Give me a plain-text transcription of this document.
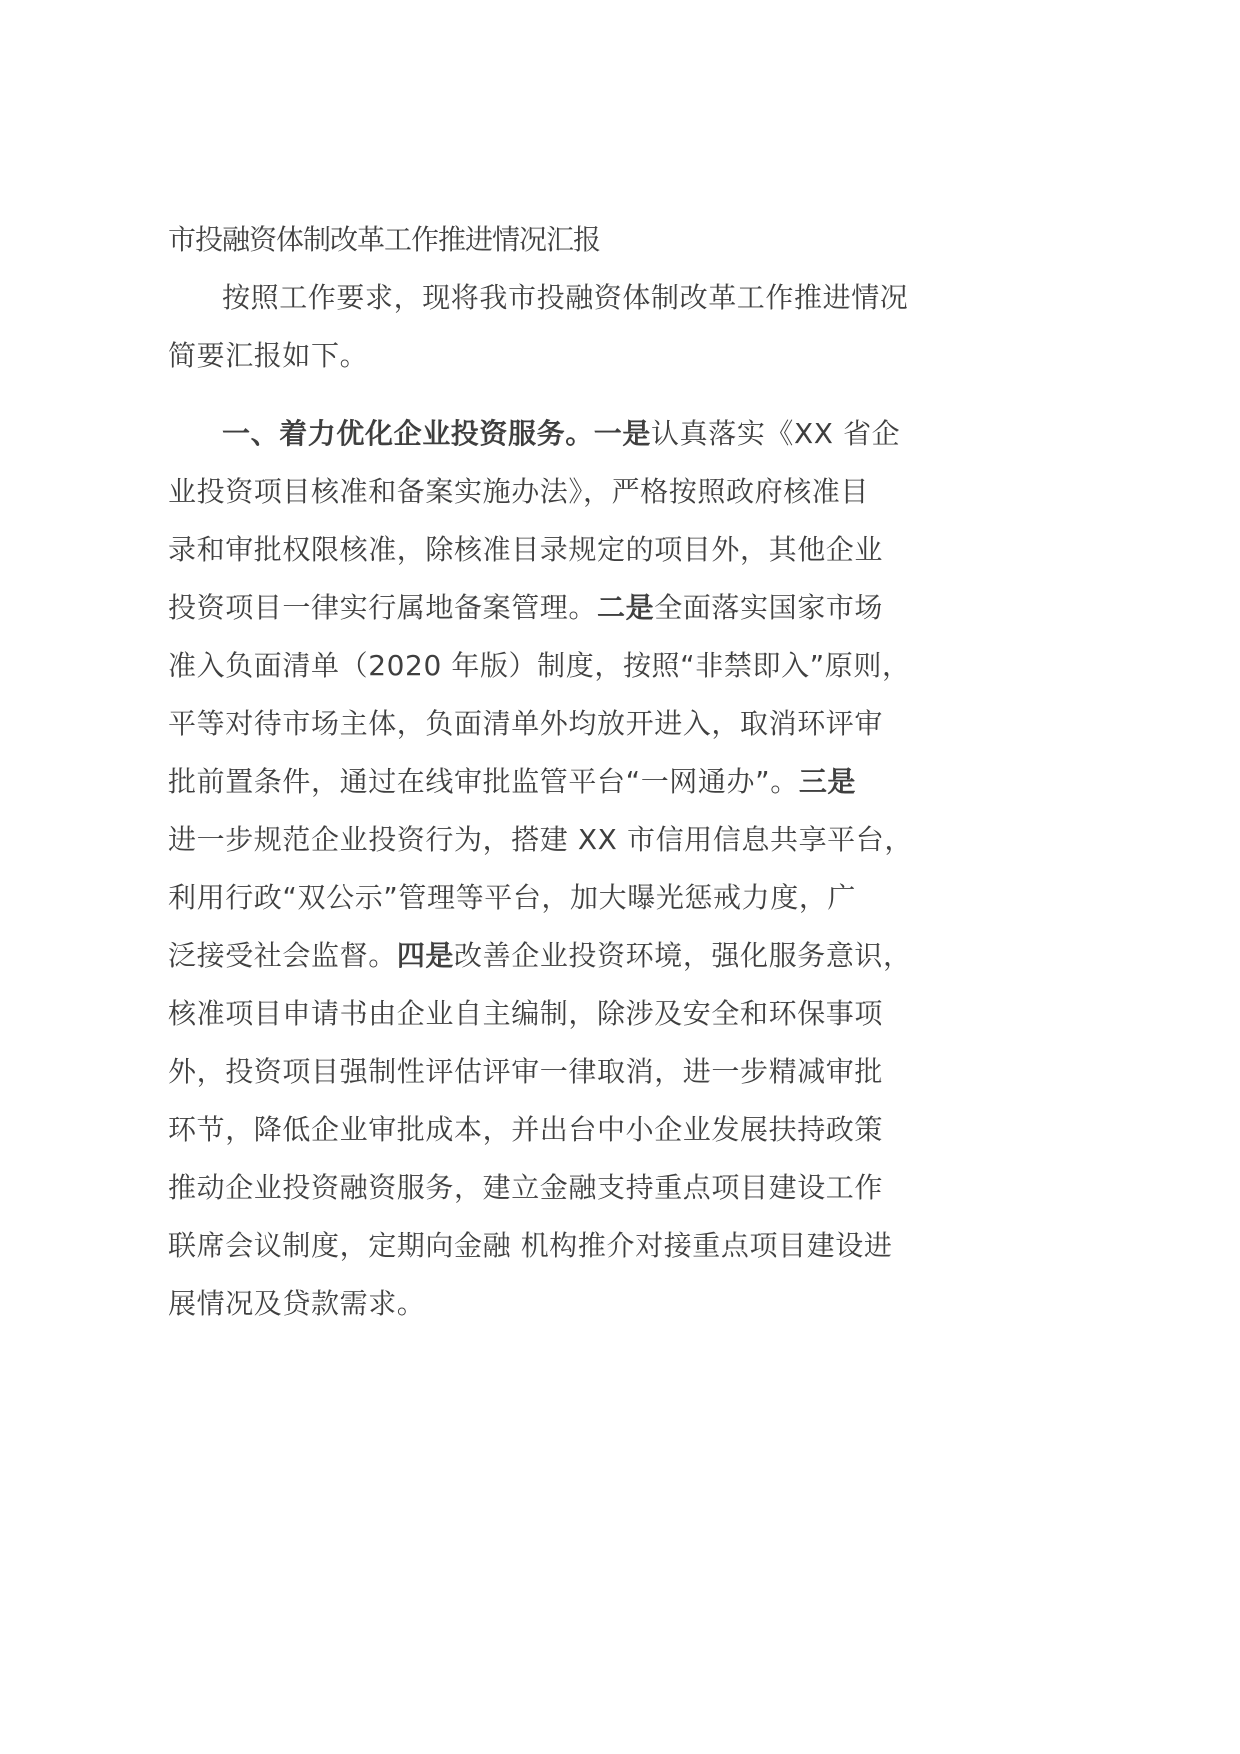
市投融资体制改革工作推进情况汇报
按照工作要求，现将我市投融资体制改革工作推进情况
简要汇报如下。
一、着力优化企业投资服务。一是认真落实《XX 省企
业投资项目核准和备案实施办法》，严格按照政府核准目
录和审批权限核准，除核准目录规定的项目外，其他企业
投资项目一律实行属地备案管理。二是全面落实国家市场
准入负面清单（2020 年版）制度，按照“非禁即入”原则，
平等对待市场主体，负面清单外均放开进入，取消环评审
批前置条件，通过在线审批监管平台“一网通办”。三是
进一步规范企业投资行为，搭建 XX 市信用信息共享平台，
利用行政“双公示”管理等平台，加大曝光惩戒力度，广
泛接受社会监督。四是改善企业投资环境，强化服务意识，
核准项目申请书由企业自主编制，除涉及安全和环保事项
外，投资项目强制性评估评审一律取消，进一步精减审批
环节，降低企业审批成本，并出台中小企业发展扶持政策
推动企业投资融资服务，建立金融支持重点项目建设工作
联席会议制度，定期向金融 机构推介对接重点项目建设进
展情况及贷款需求。
